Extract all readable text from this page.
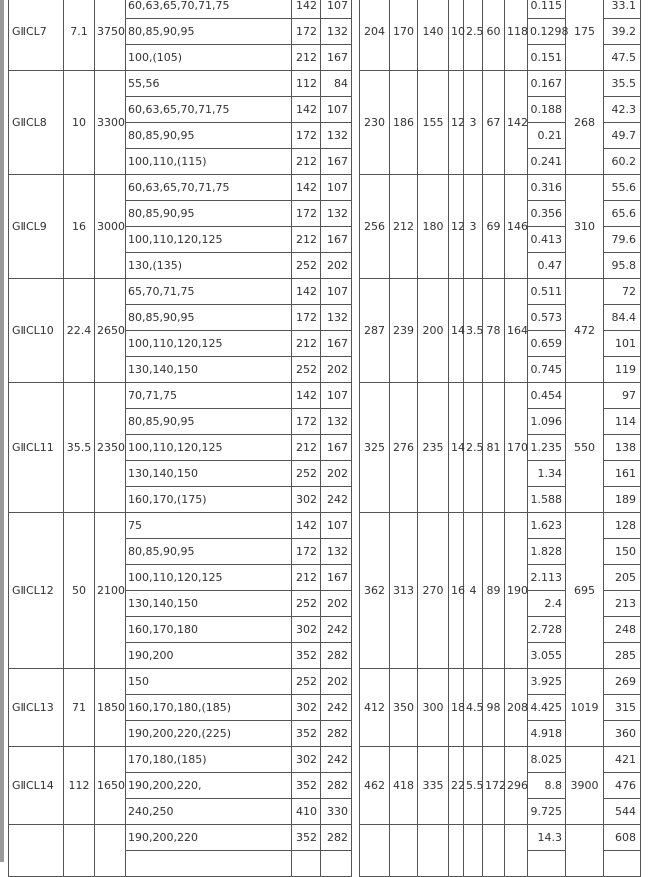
GⅡCL7	7.1	3750	60,63,65,70,71,75	142	107		204	170	140	10	2.5	60	118	0.115	175	33.1
			80,85,90,95	172	132									0.1298		39.2
			100,(105)	212	167									0.151		47.5
GⅡCL8	10	3300	55,56	112	84		230	186	155	12	3	67	142	0.167	268	35.5
			60,63,65,70,71,75	142	107									0.188		42.3
			80,85,90,95	172	132									0.21		49.7
			100,110,(115)	212	167									0.241		60.2
GⅡCL9	16	3000	60,63,65,70,71,75	142	107		256	212	180	12	3	69	146	0.316	310	55.6
			80,85,90,95	172	132									0.356		65.6
			100,110,120,125	212	167									0.413		79.6
			130,(135)	252	202									0.47		95.8
GⅡCL10	22.4	2650	65,70,71,75	142	107		287	239	200	14	3.5	78	164	0.511	472	72
			80,85,90,95	172	132									0.573		84.4
			100,110,120,125	212	167									0.659		101
			130,140,150	252	202									0.745		119
GⅡCL11	35.5	2350	70,71,75	142	107		325	276	235	14	2.5	81	170	0.454	550	97
			80,85,90,95	172	132									1.096		114
			100,110,120,125	212	167									1.235		138
			130,140,150	252	202									1.34		161
			160,170,(175)	302	242									1.588		189
GⅡCL12	50	2100	75	142	107		362	313	270	16	4	89	190	1.623	695	128
			80,85,90,95	172	132									1.828		150
			100,110,120,125	212	167									2.113		205
			130,140,150	252	202									2.4		213
			160,170,180	302	242									2.728		248
			190,200	352	282									3.055		285
GⅡCL13	71	1850	150	252	202		412	350	300	18	4.5	98	208	3.925	1019	269
			160,170,180,(185)	302	242									4.425		315
			190,200,220,(225)	352	282									4.918		360
GⅡCL14	112	1650	170,180,(185)	302	242		462	418	335	22	5.5	172	296	8.025	3900	421
			190,200,220,	352	282									8.8		476
			240,250	410	330									9.725		544
			190,200,220	352	282									14.3		608
